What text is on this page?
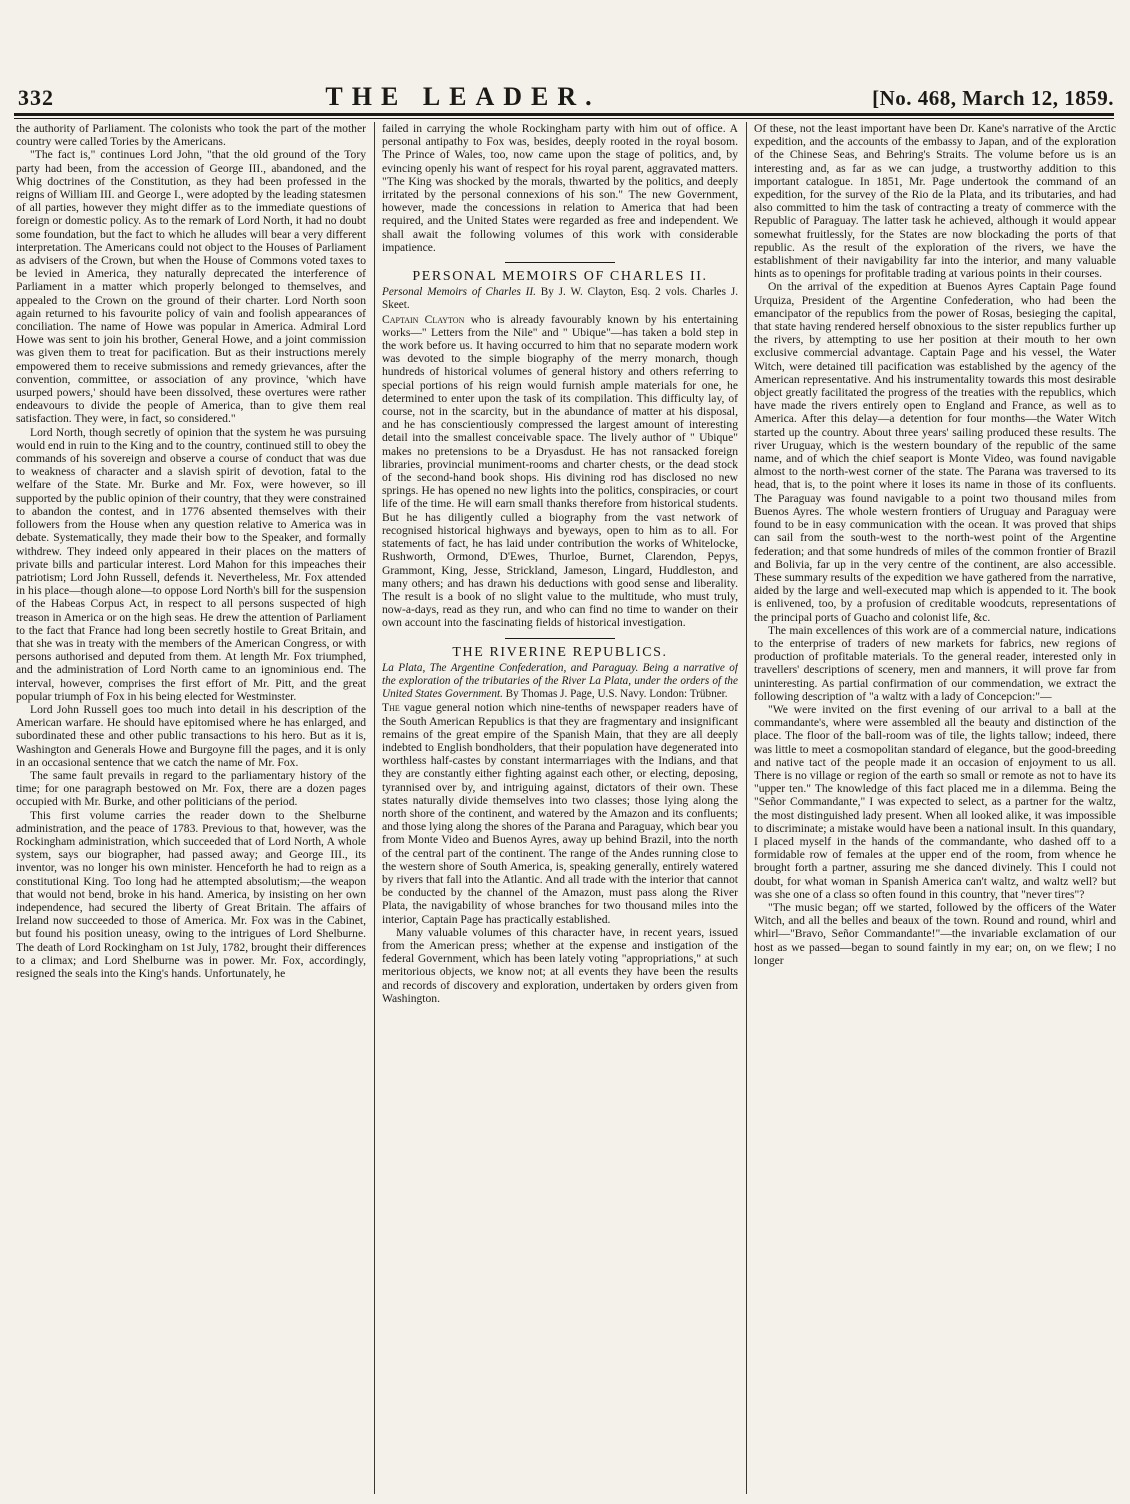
332	THE LEADER.	[No. 468, March 12, 1859.

the authority of Parliament. The colonists who took the part of the mother country were called Tories by the Americans.

"The fact is," continues Lord John, "that the old ground of the Tory party had been, from the accession of George III., abandoned, and the Whig doctrines of the Constitution, as they had been professed in the reigns of William III. and George I., were adopted by the leading statesmen of all parties, however they might differ as to the immediate questions of foreign or domestic policy. As to the remark of Lord North, it had no doubt some foundation, but the fact to which he alludes will bear a very different interpretation. The Americans could not object to the Houses of Parliament as advisers of the Crown, but when the House of Commons voted taxes to be levied in America, they naturally deprecated the interference of Parliament in a matter which properly belonged to themselves, and appealed to the Crown on the ground of their charter. Lord North soon again returned to his favourite policy of vain and foolish appearances of conciliation. The name of Howe was popular in America. Admiral Lord Howe was sent to join his brother, General Howe, and a joint commission was given them to treat for pacification. But as their instructions merely empowered them to receive submissions and remedy grievances, after the convention, committee, or association of any province, 'which have usurped powers,' should have been dissolved, these overtures were rather endeavours to divide the people of America, than to give them real satisfaction. They were, in fact, so considered."

Lord North, though secretly of opinion that the system he was pursuing would end in ruin to the King and to the country, continued still to obey the commands of his sovereign and observe a course of conduct that was due to weakness of character and a slavish spirit of devotion, fatal to the welfare of the State. Mr. Burke and Mr. Fox, were however, so ill supported by the public opinion of their country, that they were constrained to abandon the contest, and in 1776 absented themselves with their followers from the House when any question relative to America was in debate. Systematically, they made their bow to the Speaker, and formally withdrew. They indeed only appeared in their places on the matters of private bills and particular interest. Lord Mahon for this impeaches their patriotism; Lord John Russell, defends it. Nevertheless, Mr. Fox attended in his place—though alone—to oppose Lord North's bill for the suspension of the Habeas Corpus Act, in respect to all persons suspected of high treason in America or on the high seas. He drew the attention of Parliament to the fact that France had long been secretly hostile to Great Britain, and that she was in treaty with the members of the American Congress, or with persons authorised and deputed from them. At length Mr. Fox triumphed, and the administration of Lord North came to an ignominious end. The interval, however, comprises the first effort of Mr. Pitt, and the great popular triumph of Fox in his being elected for Westminster.

Lord John Russell goes too much into detail in his description of the American warfare. He should have epitomised where he has enlarged, and subordinated these and other public transactions to his hero. But as it is, Washington and Generals Howe and Burgoyne fill the pages, and it is only in an occasional sentence that we catch the name of Mr. Fox.

The same fault prevails in regard to the parliamentary history of the time; for one paragraph bestowed on Mr. Fox, there are a dozen pages occupied with Mr. Burke, and other politicians of the period.

This first volume carries the reader down to the Shelburne administration, and the peace of 1783. Previous to that, however, was the Rockingham administration, which succeeded that of Lord North, A whole system, says our biographer, had passed away; and George III., its inventor, was no longer his own minister. Henceforth he had to reign as a constitutional King. Too long had he attempted absolutism;—the weapon that would not bend, broke in his hand. America, by insisting on her own independence, had secured the liberty of Great Britain. The affairs of Ireland now succeeded to those of America. Mr. Fox was in the Cabinet, but found his position uneasy, owing to the intrigues of Lord Shelburne. The death of Lord Rockingham on 1st July, 1782, brought their differences to a climax; and Lord Shelburne was in power. Mr. Fox, accordingly, resigned the seals into the King's hands. Unfortunately, he

failed in carrying the whole Rockingham party with him out of office. A personal antipathy to Fox was, besides, deeply rooted in the royal bosom. The Prince of Wales, too, now came upon the stage of politics, and, by evincing openly his want of respect for his royal parent, aggravated matters. "The King was shocked by the morals, thwarted by the politics, and deeply irritated by the personal connexions of his son." The new Government, however, made the concessions in relation to America that had been required, and the United States were regarded as free and independent. We shall await the following volumes of this work with considerable impatience.

PERSONAL MEMOIRS OF CHARLES II.

Personal Memoirs of Charles II. By J. W. Clayton, Esq. 2 vols. Charles J. Skeet.

Captain Clayton who is already favourably known by his entertaining works—" Letters from the Nile" and " Ubique"—has taken a bold step in the work before us. It having occurred to him that no separate modern work was devoted to the simple biography of the merry monarch, though hundreds of historical volumes of general history and others referring to special portions of his reign would furnish ample materials for one, he determined to enter upon the task of its compilation. This difficulty lay, of course, not in the scarcity, but in the abundance of matter at his disposal, and he has conscientiously compressed the largest amount of interesting detail into the smallest conceivable space. The lively author of " Ubique" makes no pretensions to be a Dryasdust. He has not ransacked foreign libraries, provincial muniment-rooms and charter chests, or the dead stock of the second-hand book shops. His divining rod has disclosed no new springs. He has opened no new lights into the politics, conspiracies, or court life of the time. He will earn small thanks therefore from historical students. But he has diligently culled a biography from the vast network of recognised historical highways and byeways, open to him as to all. For statements of fact, he has laid under contribution the works of Whitelocke, Rushworth, Ormond, D'Ewes, Thurloe, Burnet, Clarendon, Pepys, Grammont, King, Jesse, Strickland, Jameson, Lingard, Huddleston, and many others; and has drawn his deductions with good sense and liberality. The result is a book of no slight value to the multitude, who must truly, now-a-days, read as they run, and who can find no time to wander on their own account into the fascinating fields of historical investigation.

THE RIVERINE REPUBLICS.

La Plata, The Argentine Confederation, and Paraguay. Being a narrative of the exploration of the tributaries of the River La Plata, under the orders of the United States Government. By Thomas J. Page, U.S. Navy. London: Trübner.

The vague general notion which nine-tenths of newspaper readers have of the South American Republics is that they are fragmentary and insignificant remains of the great empire of the Spanish Main, that they are all deeply indebted to English bondholders, that their population have degenerated into worthless half-castes by constant intermarriages with the Indians, and that they are constantly either fighting against each other, or electing, deposing, tyrannised over by, and intriguing against, dictators of their own. These states naturally divide themselves into two classes; those lying along the north shore of the continent, and watered by the Amazon and its confluents; and those lying along the shores of the Parana and Paraguay, which bear you from Monte Video and Buenos Ayres, away up behind Brazil, into the north of the central part of the continent. The range of the Andes running close to the western shore of South America, is, speaking generally, entirely watered by rivers that fall into the Atlantic. And all trade with the interior that cannot be conducted by the channel of the Amazon, must pass along the River Plata, the navigability of whose branches for two thousand miles into the interior, Captain Page has practically established.

Many valuable volumes of this character have, in recent years, issued from the American press; whether at the expense and instigation of the federal Government, which has been lately voting "appropriations," at such meritorious objects, we know not; at all events they have been the results and records of discovery and exploration, undertaken by orders given from Washington.

Of these, not the least important have been Dr. Kane's narrative of the Arctic expedition, and the accounts of the embassy to Japan, and of the exploration of the Chinese Seas, and Behring's Straits. The volume before us is an interesting and, as far as we can judge, a trustworthy addition to this important catalogue. In 1851, Mr. Page undertook the command of an expedition, for the survey of the Rio de la Plata, and its tributaries, and had also committed to him the task of contracting a treaty of commerce with the Republic of Paraguay. The latter task he achieved, although it would appear somewhat fruitlessly, for the States are now blockading the ports of that republic. As the result of the exploration of the rivers, we have the establishment of their navigability far into the interior, and many valuable hints as to openings for profitable trading at various points in their courses.

On the arrival of the expedition at Buenos Ayres Captain Page found Urquiza, President of the Argentine Confederation, who had been the emancipator of the republics from the power of Rosas, besieging the capital, that state having rendered herself obnoxious to the sister republics further up the rivers, by attempting to use her position at their mouth to her own exclusive commercial advantage. Captain Page and his vessel, the Water Witch, were detained till pacification was established by the agency of the American representative. And his instrumentality towards this most desirable object greatly facilitated the progress of the treaties with the republics, which have made the rivers entirely open to England and France, as well as to America. After this delay—a detention for four months—the Water Witch started up the country. About three years' sailing produced these results. The river Uruguay, which is the western boundary of the republic of the same name, and of which the chief seaport is Monte Video, was found navigable almost to the north-west corner of the state. The Parana was traversed to its head, that is, to the point where it loses its name in those of its confluents. The Paraguay was found navigable to a point two thousand miles from Buenos Ayres. The whole western frontiers of Uruguay and Paraguay were found to be in easy communication with the ocean. It was proved that ships can sail from the south-west to the north-west point of the Argentine federation; and that some hundreds of miles of the common frontier of Brazil and Bolivia, far up in the very centre of the continent, are also accessible. These summary results of the expedition we have gathered from the narrative, aided by the large and well-executed map which is appended to it. The book is enlivened, too, by a profusion of creditable woodcuts, representations of the principal ports of Guacho and colonist life, &c.

The main excellences of this work are of a commercial nature, indications to the enterprise of traders of new markets for fabrics, new regions of production of profitable materials. To the general reader, interested only in travellers' descriptions of scenery, men and manners, it will prove far from uninteresting. As partial confirmation of our commendation, we extract the following description of "a waltz with a lady of Concepcion:"—

"We were invited on the first evening of our arrival to a ball at the commandante's, where were assembled all the beauty and distinction of the place. The floor of the ball-room was of tile, the lights tallow; indeed, there was little to meet a cosmopolitan standard of elegance, but the good-breeding and native tact of the people made it an occasion of enjoyment to us all. There is no village or region of the earth so small or remote as not to have its "upper ten." The knowledge of this fact placed me in a dilemma. Being the "Señor Commandante," I was expected to select, as a partner for the waltz, the most distinguished lady present. When all looked alike, it was impossible to discriminate; a mistake would have been a national insult. In this quandary, I placed myself in the hands of the commandante, who dashed off to a formidable row of females at the upper end of the room, from whence he brought forth a partner, assuring me she danced divinely. This I could not doubt, for what woman in Spanish America can't waltz, and waltz well? but was she one of a class so often found in this country, that "never tires"?

"The music began; off we started, followed by the officers of the Water Witch, and all the belles and beaux of the town. Round and round, whirl and whirl—"Bravo, Señor Commandante!"—the invariable exclamation of our host as we passed—began to sound faintly in my ear; on, on we flew; I no longer
